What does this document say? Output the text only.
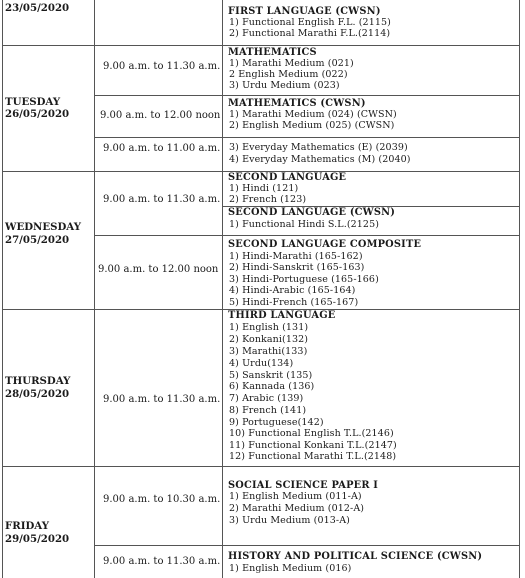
23/05/2020	FIRST LANGUAGE (CWSN)
1) Functional English F.L. (2115)
2) Functional Marathi F.L.(2114)
TUESDAY
26/05/2020
9.00 a.m. to 11.30 a.m.
MATHEMATICS
1) Marathi Medium (021)
2 English Medium (022)
3) Urdu Medium (023)
9.00 a.m. to 12.00 noon
MATHEMATICS (CWSN)
1) Marathi Medium (024) (CWSN)
2) English Medium (025) (CWSN)
9.00 a.m. to 11.00 a.m. 3) Everyday Mathematics (E) (2039)
4) Everyday Mathematics (M) (2040)
WEDNESDAY
27/05/2020
9.00 a.m. to 11.30 a.m.
SECOND LANGUAGE
1) Hindi (121)
2) French (123)
SECOND LANGUAGE (CWSN)
1) Functional Hindi S.L.(2125)
9.00 a.m. to 12.00 noon
SECOND LANGUAGE COMPOSITE
1) Hindi-Marathi (165-162)
2) Hindi-Sanskrit (165-163)
3) Hindi-Portuguese (165-166)
4) Hindi-Arabic (165-164)
5) Hindi-French (165-167)
THURSDAY
28/05/2020	9.00 a.m. to 11.30 a.m.
THIRD LANGUAGE
1) English (131)
2) Konkani(132)
3) Marathi(133)
4) Urdu(134)
5) Sanskrit (135)
6) Kannada (136)
7) Arabic (139)
8) French (141)
9) Portuguese(142)
10) Functional English T.L.(2146)
11) Functional Konkani T.L.(2147)
12) Functional Marathi T.L.(2148)
FRIDAY
29/05/2020
9.00 a.m. to 10.30 a.m.
SOCIAL SCIENCE PAPER I
1) English Medium (011-A)
2) Marathi Medium (012-A)
3) Urdu Medium (013-A)
9.00 a.m. to 11.30 a.m. HISTORY AND POLITICAL SCIENCE (CWSN)
1) English Medium (016)
